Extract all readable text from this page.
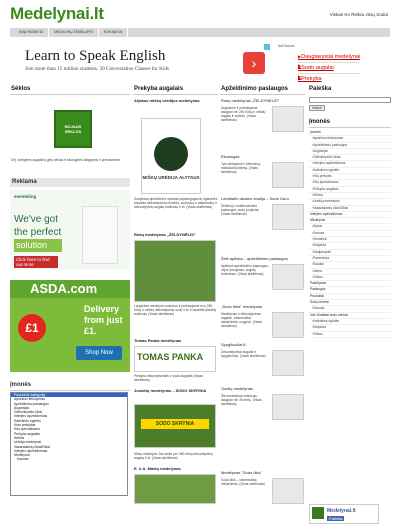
Medelynai.lt	Viskas Ko Reikia Jūsų Sodui
ĮMIŲ PASIEKTA	MEDELYNŲ ŽEMĖLAPIS	KONTAKTAI
Learn to Speak English
Join more than 15 million students. 30 Conversation Classes for Kids	›
AdChoices
▶ Daugiavystai medelynai
▶
▶ Sodo augalai
▶
▶ Prekyba
Sėklos
NOJAUS SĖKLOS
Sėj. sniegėms augalinių gėlų sėklas ir ekologinės daigapras ir prieskoninės
Reklama
eventeling
We've got
the perfect
solution
Click here to find out more
ASDA.com
£1
Delivery
from just
£1.
Shop Now
Įmonės
Pasirinkite kategoriją
Apsinkos tiekutymas
Apželdinimo paslaugos
Augintojai
Gėlininkystės ūkiai
Interjero apželdinimas
Kalėdinės eglutės
Kiau prekiybai
Kitų specialiosios
Prekyba augalais
Sėklos
Urėdija medelynai
Vasaradainių ūkiai/Ūkiai
Interjero apželdinimas
Medelynai
Kaunas
Prekyba augalais
Alytaus miškų urėdijos medelynas
MIŠKŲ URĖDIJA ALYTAUS
Sodybose apželdinti ir apimtas įsipareigojančių ilgametės kokybės dekoratyvinių medelių, sodinukų ir vaismedžių ir dekoratyvinių augalų sodinukų ir kt. (Visas skelbimas)
Rokų medelynas „ŽELDYNĖLIS"
Į auginimo medelyno sukurtus ir prekiaujame nuo 250 rūšių ir veislių dekoratyvinių sodų ir kt. Kokybiški įžeidžių sodinukų (Visas skelbimas)
Tomas Panka medelynas
TOMAS PANKA
Prekyba dekoratyviniais ir sodo augalais (Visas skelbimas)
Juraičių medelynas – SODO SKRYNIA
SODO SKRYNIA
Mūsų medelyne Jūs rasite per 360 rūšių dekoratyvinių augalų ir kt. (Visas skelbimas)
E. ir A. Mačių medelynas
Apželdinimo paslaugos
Rokų medelynas „ŽELDYNĖLIS"
Auginame ir prekiaujame daugiau nei 250 rūšių ir veislių augalų ir sodinių. (Visas skelbimas)
Ekoslogas
Tyru dėkojame ir kiekvieną individualų klientą. (Visas skelbimas)
Landšafto dizaino studija – Sodo Guru
Želdinių ir kraštovaizdžio paslaugos, sodų projektai. (Visas skelbimas)
Želė aplinka – apželdinimo paslaugos
Aplinkos apželdinimo paslaugos, vejos įrengimas, augalų sodinimas. (Visas skelbimas)
„Sodo triūs" medelynas
Medelynas ir dekoratyviniai augalai, vaismedžiai, vaiskrūmiai, uogynai. (Visas skelbimas)
Spygliuočiai.lt
Dekoratyviniai augalai ir spygliuočiai. (Visas skelbimas)
Osrilių medelynas
Šis medelynas veikia jau daugiau nei 30 metų. (Visas skelbimas)
Medelynas "Sodo ūkis"
Sodo ūkis – vaismedžiai, vaiskrūmiai. (Visas skelbimas)
Paieška
Ieškoti
Įmonės
Įmonės
› Apsinkos tiekutymas
› Apželdinimo paslaugos
› Augintojai
› Gėlininkystės ūkiai
› Interjero apželdinimas
› Kalėdinės eglutės
› Kitų prekyba
› Kitų specialiosios
› Prekyba augalais
› Sėklos
› Urėdijų medelynai
› Vasaradainių ūkiai/Ūkiai
Interjero apželdinimas
Medelynai
› Alytus
› Kaunas
› Kėdainiai
› Klaipėda
› Marijampolė
› Panevėžys
› Šiauliai
› Utena
› Vilnius
Pasiūlymai
Paslaugos
Produktai
Sodų centrai
› Kaunas
Visi Vilniškiai sodo centrai
› Kalėdinės eglutės
› Klaipėda
› Vilnius
Medelynai.lt
Patinka
